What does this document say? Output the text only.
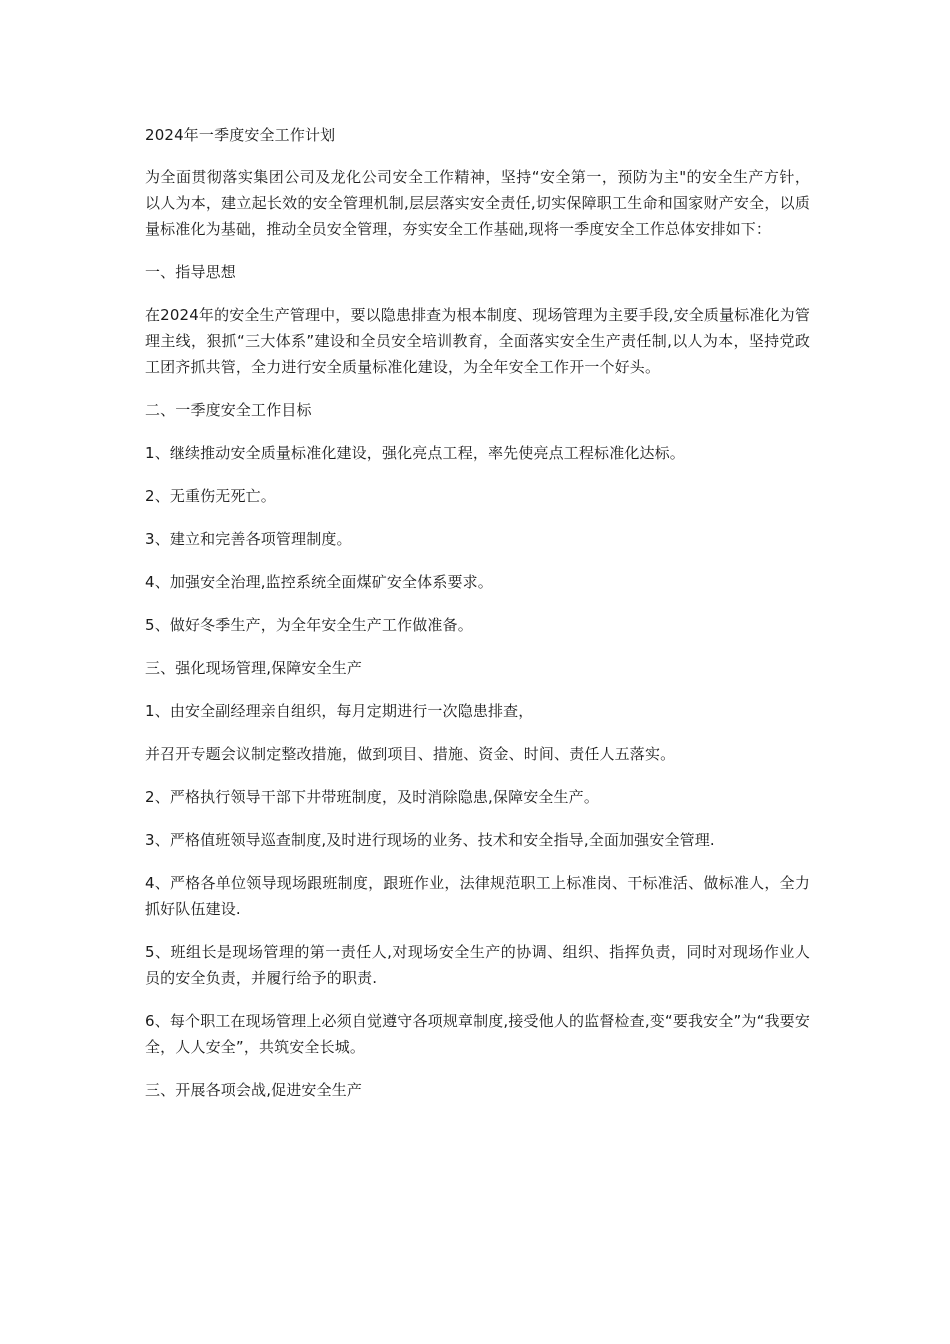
2024年一季度安全工作计划

为全面贯彻落实集团公司及龙化公司安全工作精神，坚持“安全第一，预防为主"的安全生产方针，以人为本，建立起长效的安全管理机制,层层落实安全责任,切实保障职工生命和国家财产安全，以质量标准化为基础，推动全员安全管理，夯实安全工作基础,现将一季度安全工作总体安排如下：

一、指导思想

在2024年的安全生产管理中，要以隐患排查为根本制度、现场管理为主要手段,安全质量标准化为管理主线，狠抓“三大体系”建设和全员安全培训教育，全面落实安全生产责任制,以人为本，坚持党政工团齐抓共管，全力进行安全质量标准化建设，为全年安全工作开一个好头。

二、一季度安全工作目标

1、继续推动安全质量标准化建设，强化亮点工程，率先使亮点工程标准化达标。

2、无重伤无死亡。

3、建立和完善各项管理制度。

4、加强安全治理,监控系统全面煤矿安全体系要求。

5、做好冬季生产，为全年安全生产工作做准备。

三、强化现场管理,保障安全生产

1、由安全副经理亲自组织，每月定期进行一次隐患排查，

并召开专题会议制定整改措施，做到项目、措施、资金、时间、责任人五落实。

2、严格执行领导干部下井带班制度，及时消除隐患,保障安全生产。

3、严格值班领导巡查制度,及时进行现场的业务、技术和安全指导,全面加强安全管理.

4、严格各单位领导现场跟班制度，跟班作业，法律规范职工上标准岗、干标准活、做标准人，全力抓好队伍建设.

5、班组长是现场管理的第一责任人,对现场安全生产的协调、组织、指挥负责，同时对现场作业人员的安全负责，并履行给予的职责.

6、每个职工在现场管理上必须自觉遵守各项规章制度,接受他人的监督检查,变“要我安全”为“我要安全，人人安全”，共筑安全长城。

三、开展各项会战,促进安全生产
